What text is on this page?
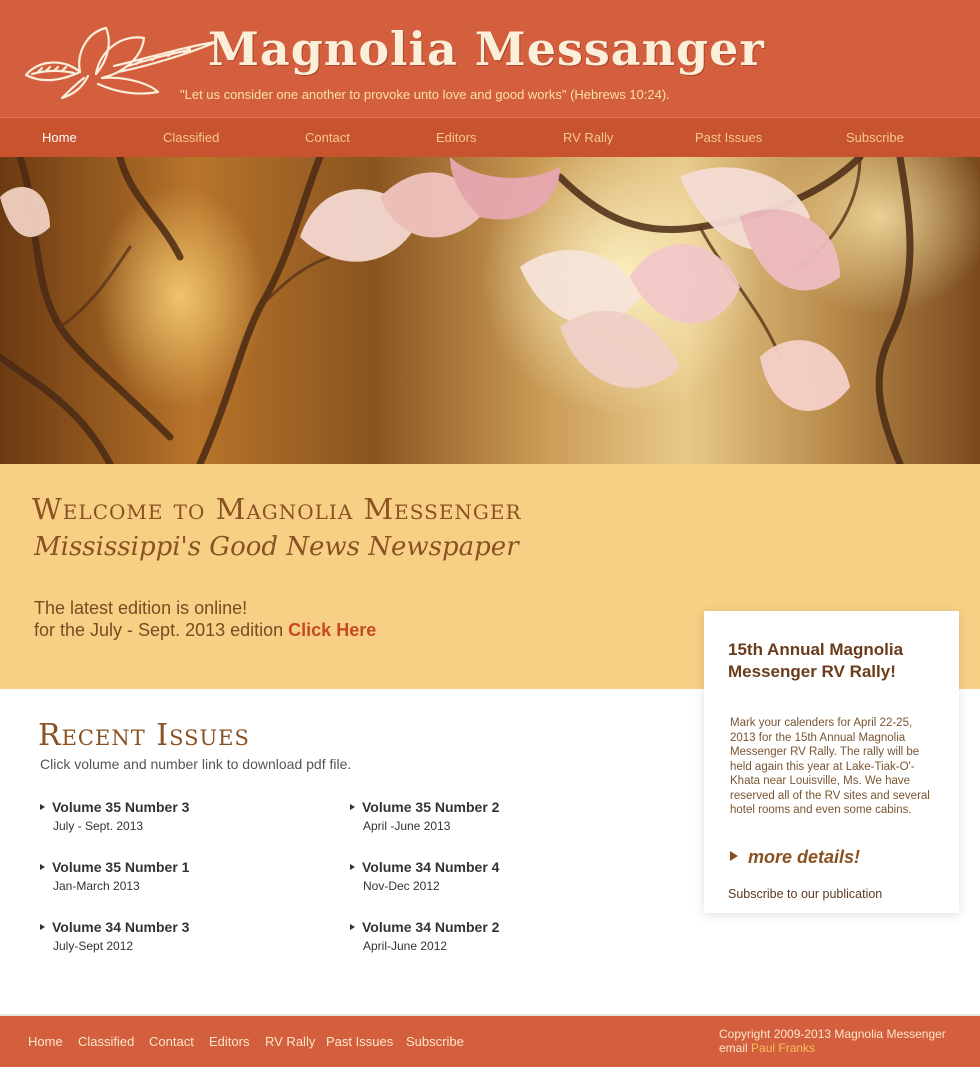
Magnolia Messanger
"Let us consider one another to provoke unto love and good works" (Hebrews 10:24).
Home	Classified	Contact	Editors	RV Rally	Past Issues	Subscribe
Welcome to Magnolia Messenger
Mississippi's Good News Newspaper
The latest edition is online!
for the July - Sept. 2013 edition Click Here
15th Annual Magnolia Messenger RV Rally!
Mark your calenders for April 22-25, 2013 for the 15th Annual Magnolia Messenger RV Rally. The rally will be held again this year at Lake-Tiak-O'-Khata near Louisville, Ms. We have reserved all of the RV sites and several hotel rooms and even some cabins.
more details!
Subscribe to our publication
Recent Issues
Click volume and number link to download pdf file.
Volume 35 Number 3
July - Sept. 2013
Volume 35 Number 2
April -June 2013
Volume 35 Number 1
Jan-March 2013
Volume 34 Number 4
Nov-Dec 2012
Volume 34 Number 3
July-Sept 2012
Volume 34 Number 2
April-June 2012
Home Classified Contact Editors RV Rally Past Issues Subscribe	Copyright 2009-2013 Magnolia Messenger
email Paul Franks
